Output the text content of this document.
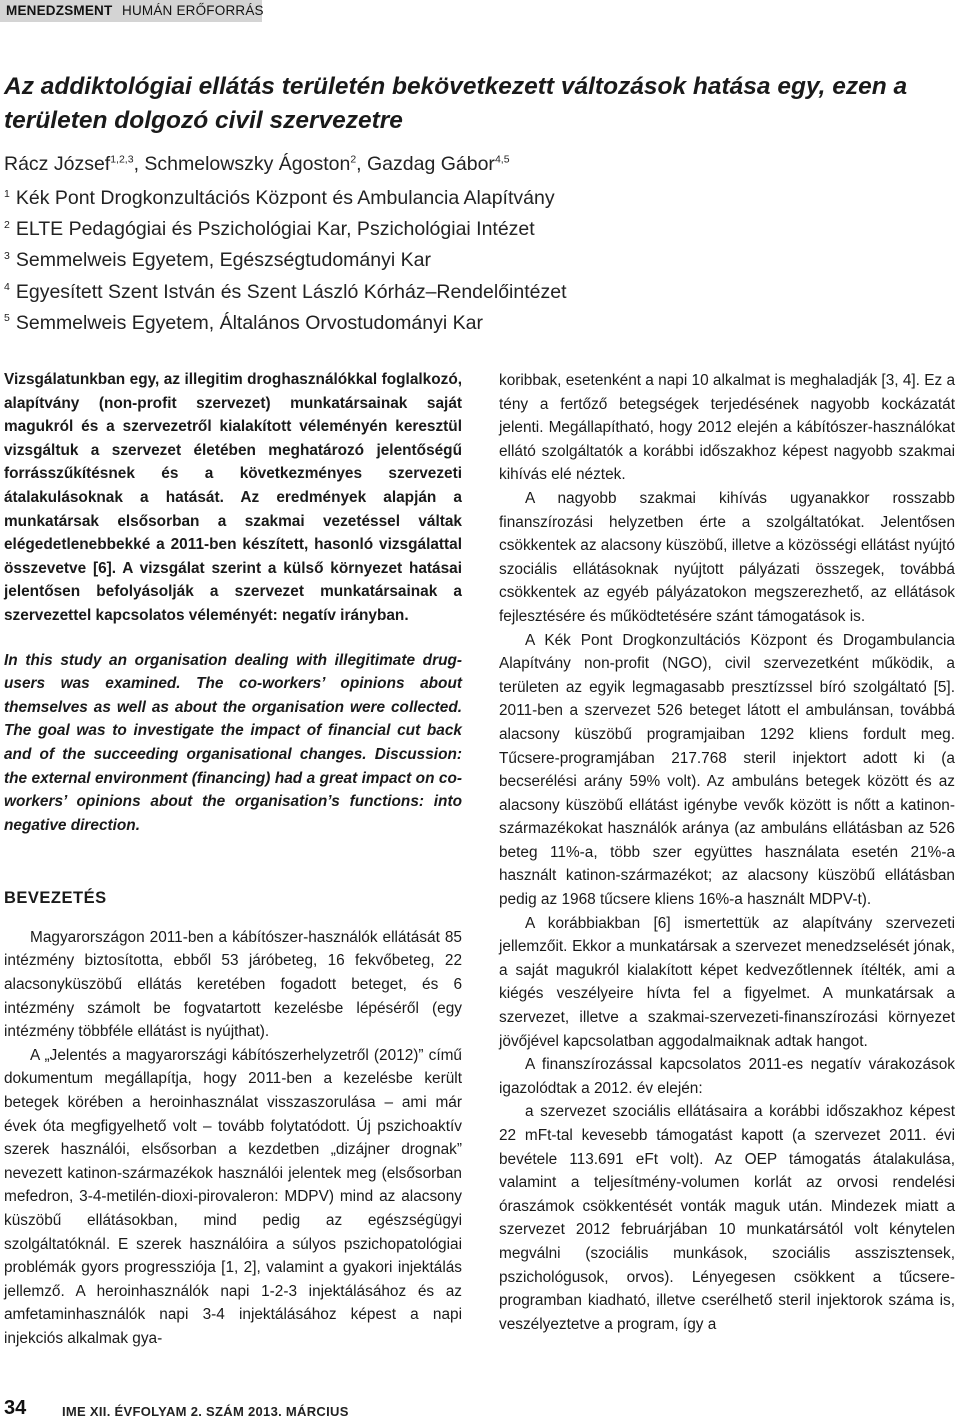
MENEDZSMENT HUMÁN ERŐFORRÁS
Az addiktológiai ellátás területén bekövetkezett változások hatása egy, ezen a területen dolgozó civil szervezetre
Rácz József$^{1,2,3}$, Schmelowszky Ágoston$^2$, Gazdag Gábor$^{4,5}$
$^1$ Kék Pont Drogkonzultációs Központ és Ambulancia Alapítvány
$^2$ ELTE Pedagógiai és Pszichológiai Kar, Pszichológiai Intézet
$^3$ Semmelweis Egyetem, Egészségtudományi Kar
$^4$ Egyesített Szent István és Szent László Kórház–Rendelőintézet
$^5$ Semmelweis Egyetem, Általános Orvostudományi Kar

Vizsgálatunkban egy, az illegitim droghasználókkal foglalkozó, alapítvány (non-profit szervezet) munkatársainak saját magukról és a szervezetről kialakított véleményén keresztül vizsgáltuk a szervezet életében meghatározó jelentőségű forrásszűkítésnek és a következményes szervezeti átalakulásoknak a hatását. Az eredmények alapján a munkatársak elsősorban a szakmai vezetéssel váltak elégedetlenebbekké a 2011-ben készített, hasonló vizsgálattal összevetve [6]. A vizsgálat szerint a külső környezet hatásai jelentősen befolyásolják a szervezet munkatársainak a szervezettel kapcsolatos véleményét: negatív irányban.

In this study an organisation dealing with illegitimate drug-users was examined. The co-workers’ opinions about themselves as well as about the organisation were collected. The goal was to investigate the impact of financial cut back and of the succeeding organisational changes. Discussion: the external environment (financing) had a great impact on co-workers’ opinions about the organisation’s functions: into negative direction.

BEVEZETÉS

Magyarországon 2011-ben a kábítószer-használók ellátását 85 intézmény biztosította, ebből 53 járóbeteg, 16 fekvőbeteg, 22 alacsonyküszöbű ellátás keretében fogadott beteget, és 6 intézmény számolt be fogvatartott kezelésbe lépéséről (egy intézmény többféle ellátást is nyújthat).

A „Jelentés a magyarországi kábítószerhelyzetről (2012)” című dokumentum megállapítja, hogy 2011-ben a kezelésbe került betegek körében a heroinhasználat visszaszorulása – ami már évek óta megfigyelhető volt – tovább folytatódott. Új pszichoaktív szerek használói, elsősorban a kezdetben „dizájner drognak” nevezett katinon-származékok használói jelentek meg (elsősorban mefedron, 3-4-metilén-dioxi-pirovaleron: MDPV) mind az alacsony küszöbű ellátásokban, mind pedig az egészségügyi szolgáltatóknál. E szerek használóira a súlyos pszichopatológiai problémák gyors progressziója [1, 2], valamint a gyakori injektálás jellemző. A heroinhasználók napi 1-2-3 injektálásához és az amfetaminhasználók napi 3-4 injektálásához képest a napi injekciós alkalmak gya-

koribbak, esetenként a napi 10 alkalmat is meghaladják [3, 4]. Ez a tény a fertőző betegségek terjedésének nagyobb kockázatát jelenti. Megállapítható, hogy 2012 elején a kábítószer-használókat ellátó szolgáltatók a korábbi időszakhoz képest nagyobb szakmai kihívás elé néztek.

A nagyobb szakmai kihívás ugyanakkor rosszabb finanszírozási helyzetben érte a szolgáltatókat. Jelentősen csökkentek az alacsony küszöbű, illetve a közösségi ellátást nyújtó szociális ellátásoknak nyújtott pályázati összegek, továbbá csökkentek az egyéb pályázatokon megszerezhető, az ellátások fejlesztésére és működtetésére szánt támogatások is.

A Kék Pont Drogkonzultációs Központ és Drogambulancia Alapítvány non-profit (NGO), civil szervezetként működik, a területen az egyik legmagasabb presztízssel bíró szolgáltató [5]. 2011-ben a szervezet 526 beteget látott el ambulánsan, továbbá alacsony küszöbű programjaiban 1292 kliens fordult meg. Tűcsere-programjában 217.768 steril injektort adott ki (a becserélési arány 59% volt). Az ambuláns betegek között és az alacsony küszöbű ellátást igénybe vevők között is nőtt a katinon-származékokat használók aránya (az ambuláns ellátásban az 526 beteg 11%-a, több szer együttes használata esetén 21%-a használt katinon-származékot; az alacsony küszöbű ellátásban pedig az 1968 tűcsere kliens 16%-a használt MDPV-t).

A korábbiakban [6] ismertettük az alapítvány szervezeti jellemzőit. Ekkor a munkatársak a szervezet menedzselését jónak, a saját magukról kialakított képet kedvezőtlennek ítélték, ami a kiégés veszélyeire hívta fel a figyelmet. A munkatársak a szervezet, illetve a szakmai-szervezeti-finanszírozási környezet jövőjével kapcsolatban aggodalmaiknak adtak hangot.

A finanszírozással kapcsolatos 2011-es negatív várakozások igazolódtak a 2012. év elején:

a szervezet szociális ellátásaira a korábbi időszakhoz képest 22 mFt-tal kevesebb támogatást kapott (a szervezet 2011. évi bevétele 113.691 eFt volt). Az OEP támogatás átalakulása, valamint a teljesítmény-volumen korlát az orvosi rendelési óraszámok csökkentését vonták maguk után. Mindezek miatt a szervezet 2012 februárjában 10 munkatársától volt kénytelen megválni (szociális munkások, szociális asszisztensek, pszichológusok, orvos). Lényegesen csökkent a tűcsere-programban kiadható, illetve cserélhető steril injektorok száma is, veszélyeztetve a program, így a

34	IME XII. ÉVFOLYAM 2. SZÁM 2013. MÁRCIUS
